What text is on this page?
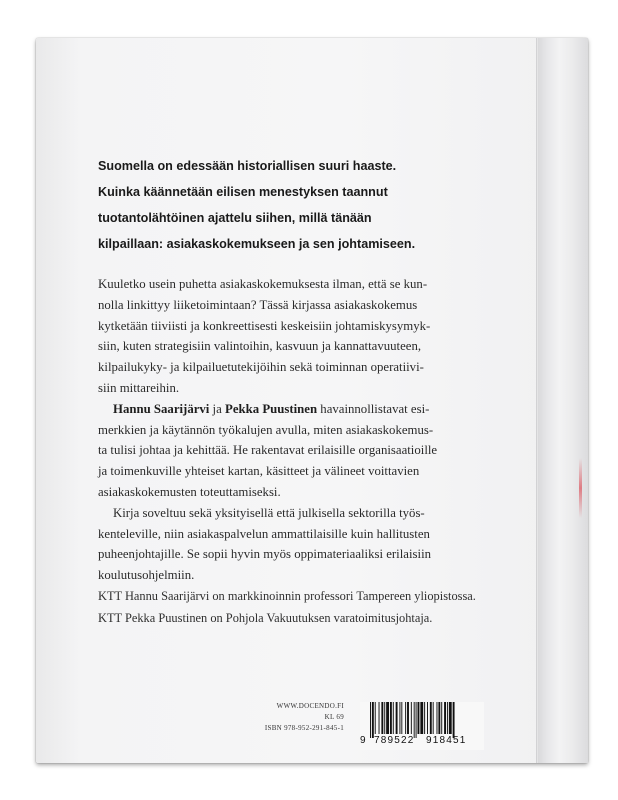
Suomella on edessään historiallisen suuri haaste.
Kuinka käännetään eilisen menestyksen taannut
tuotantolähtöinen ajattelu siihen, millä tänään
kilpaillaan: asiakaskokemukseen ja sen johtamiseen.
Kuuletko usein puhetta asiakaskokemuksesta ilman, että se kun-
nolla linkittyy liiketoimintaan? Tässä kirjassa asiakaskokemus
kytketään tiiviisti ja konkreettisesti keskeisiin johtamiskysymyk-
siin, kuten strategisiin valintoihin, kasvuun ja kannattavuuteen,
kilpailukyky- ja kilpailuetutekijöihin sekä toiminnan operatiivi-
siin mittareihin.
Hannu Saarijärvi ja Pekka Puustinen havainnollistavat esi-
merkkien ja käytännön työkalujen avulla, miten asiakaskokemus-
ta tulisi johtaa ja kehittää. He rakentavat erilaisille organisaatioille
ja toimenkuville yhteiset kartan, käsitteet ja välineet voittavien
asiakaskokemusten toteuttamiseksi.
Kirja soveltuu sekä yksityisellä että julkisella sektorilla työs-
kenteleville, niin asiakaspalvelun ammattilaisille kuin hallitusten
puheenjohtajille. Se sopii hyvin myös oppimateriaaliksi erilaisiin
koulutusohjelmiin.
KTT Hannu Saarijärvi on markkinoinnin professori Tampereen yliopistossa.
KTT Pekka Puustinen on Pohjola Vakuutuksen varatoimitusjohtaja.
WWW.DOCENDO.FI
KL 69
ISBN 978-952-291-845-1
9 789522 918451
